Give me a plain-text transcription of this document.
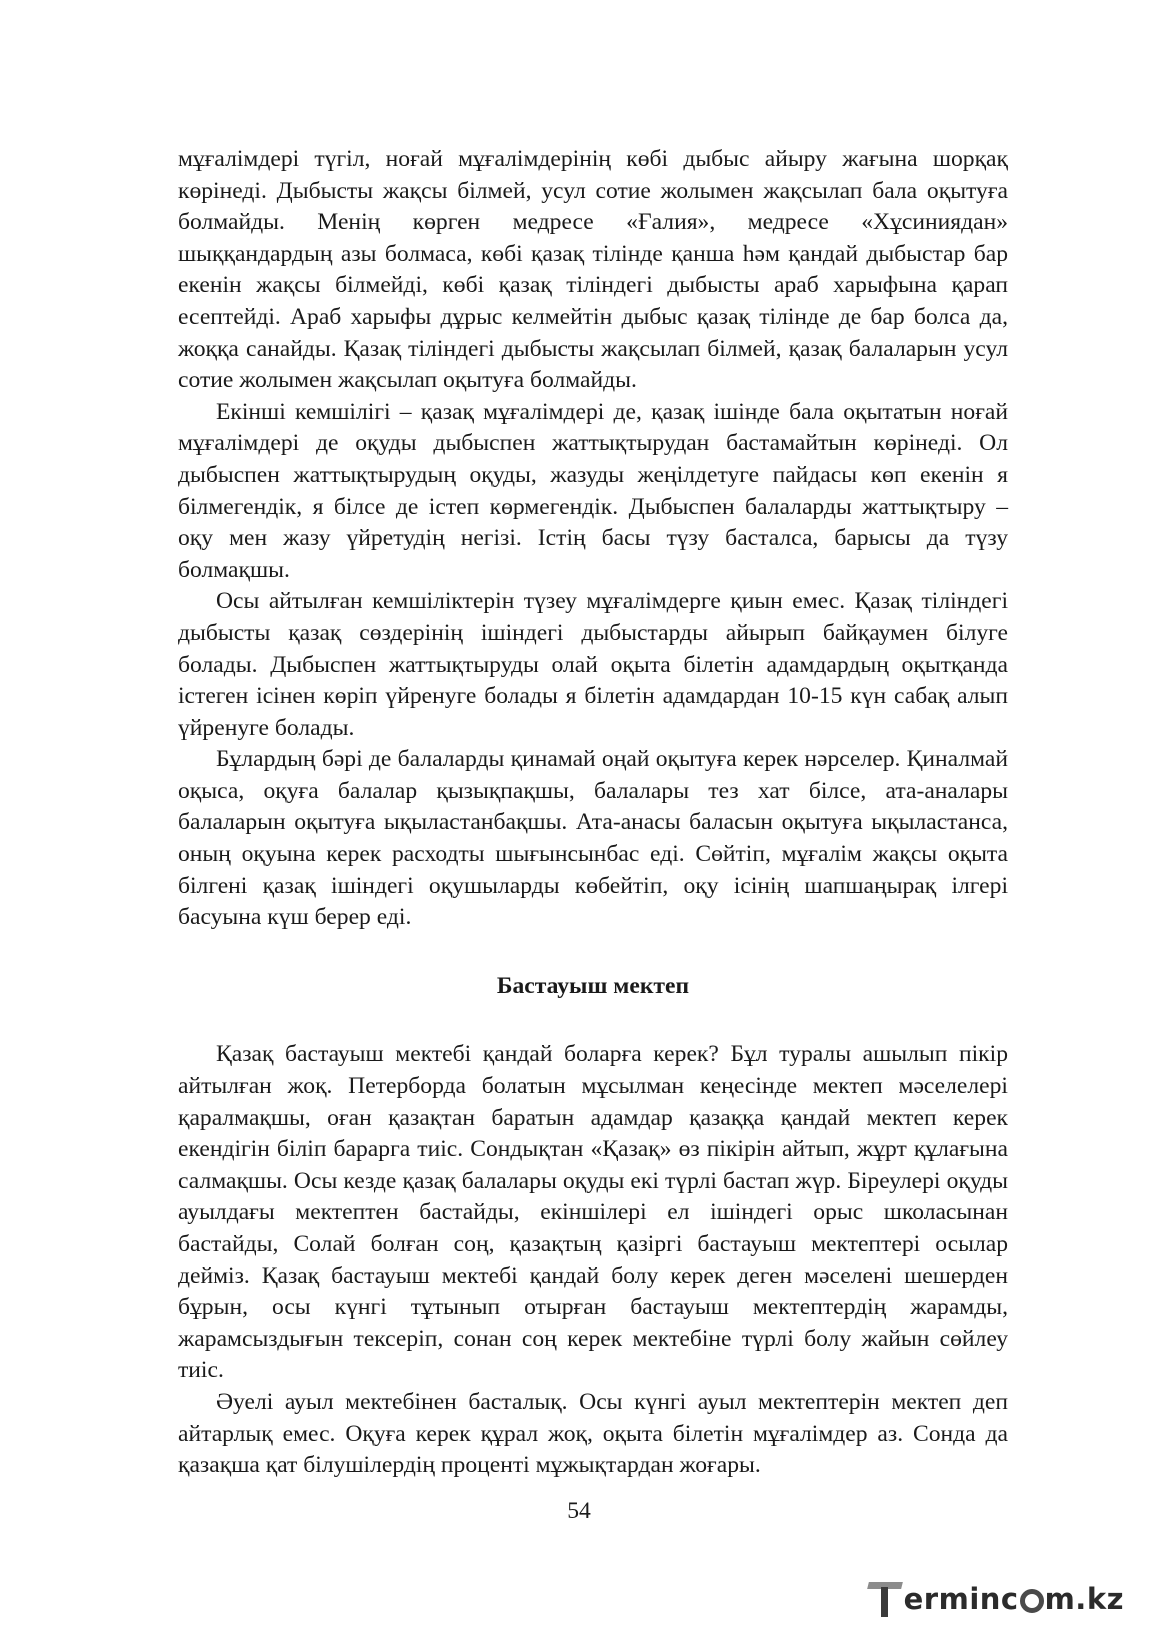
мұғалімдері түгіл, ноғай мұғалімдерінің көбі дыбыс айыру жағына шорқақ көрінеді. Дыбысты жақсы білмей, усул сотие жолымен жақсылап бала оқытуға болмайды. Менің көрген медресе «Ғалия», медресе «Хұсиниядан» шыққандардың азы болмаса, көбі қазақ тілінде қанша һәм қандай дыбыстар бар екенін жақсы білмейді, көбі қазақ тіліндегі дыбысты араб харыфына қарап есептейді. Араб харыфы дұрыс келмейтін дыбыс қазақ тілінде де бар болса да, жоққа санайды. Қазақ тіліндегі дыбысты жақсылап білмей, қазақ балаларын усул сотие жолымен жақсылап оқытуға болмайды.

Екінші кемшілігі – қазақ мұғалімдері де, қазақ ішінде бала оқытатын ноғай мұғалімдері де оқуды дыбыспен жаттықтырудан бастамайтын көрінеді. Ол дыбыспен жаттықтырудың оқуды, жазуды жеңілдетуге пайдасы көп екенін я білмегендік, я білсе де істеп көрмегендік. Дыбыспен балаларды жаттықтыру – оқу мен жазу үйретудің негізі. Істің басы түзу басталса, барысы да түзу болмақшы.

Осы айтылған кемшіліктерін түзеу мұғалімдерге қиын емес. Қазақ тіліндегі дыбысты қазақ сөздерінің ішіндегі дыбыстарды айырып байқаумен білуге болады. Дыбыспен жаттықтыруды олай оқыта білетін адамдардың оқытқанда істеген ісінен көріп үйренуге болады я білетін адамдардан 10-15 күн сабақ алып үйренуге болады.

Бұлардың бәрі де балаларды қинамай оңай оқытуға керек нәрселер. Қиналмай оқыса, оқуға балалар қызықпақшы, балалары тез хат білсе, ата-аналары балаларын оқытуға ықыластанбақшы. Ата-анасы баласын оқытуға ықыластанса, оның оқуына керек расходты шығынсынбас еді. Сөйтіп, мұғалім жақсы оқыта білгені қазақ ішіндегі оқушыларды көбейтіп, оқу ісінің шапшаңырақ ілгері басуына күш берер еді.

Бастауыш мектеп

Қазақ бастауыш мектебі қандай боларға керек? Бұл туралы ашылып пікір айтылған жоқ. Петерборда болатын мұсылман кеңесінде мектеп мәселелері қаралмақшы, оған қазақтан баратын адамдар қазаққа қандай мектеп керек екендігін біліп бараргa тиіс. Сондықтан «Қазақ» өз пікірін айтып, жұрт құлағына салмақшы. Осы кезде қазақ балалары оқуды екі түрлі бастап жүр. Біреулері оқуды ауылдағы мектептен бастайды, екіншілері ел ішіндегі орыс школасынан бастайды, Солай болған соң, қазақтың қазіргі бастауыш мектептері осылар дейміз. Қазақ бастауыш мектебі қандай болу керек деген мәселені шешерден бұрын, осы күнгі тұтынып отырған бастауыш мектептердің жарамды, жарамсыздығын тексеріп, сонан соң керек мектебіне түрлі болу жайын сөйлеу тиіс.

Әуелі ауыл мектебінен басталық. Осы күнгі ауыл мектептерін мектеп деп айтарлық емес. Оқуға керек құрал жоқ, оқыта білетін мұғалімдер аз. Сонда да қазақша қат білушілердің проценті мұжықтардан жоғары.

54
erminc m.kz
